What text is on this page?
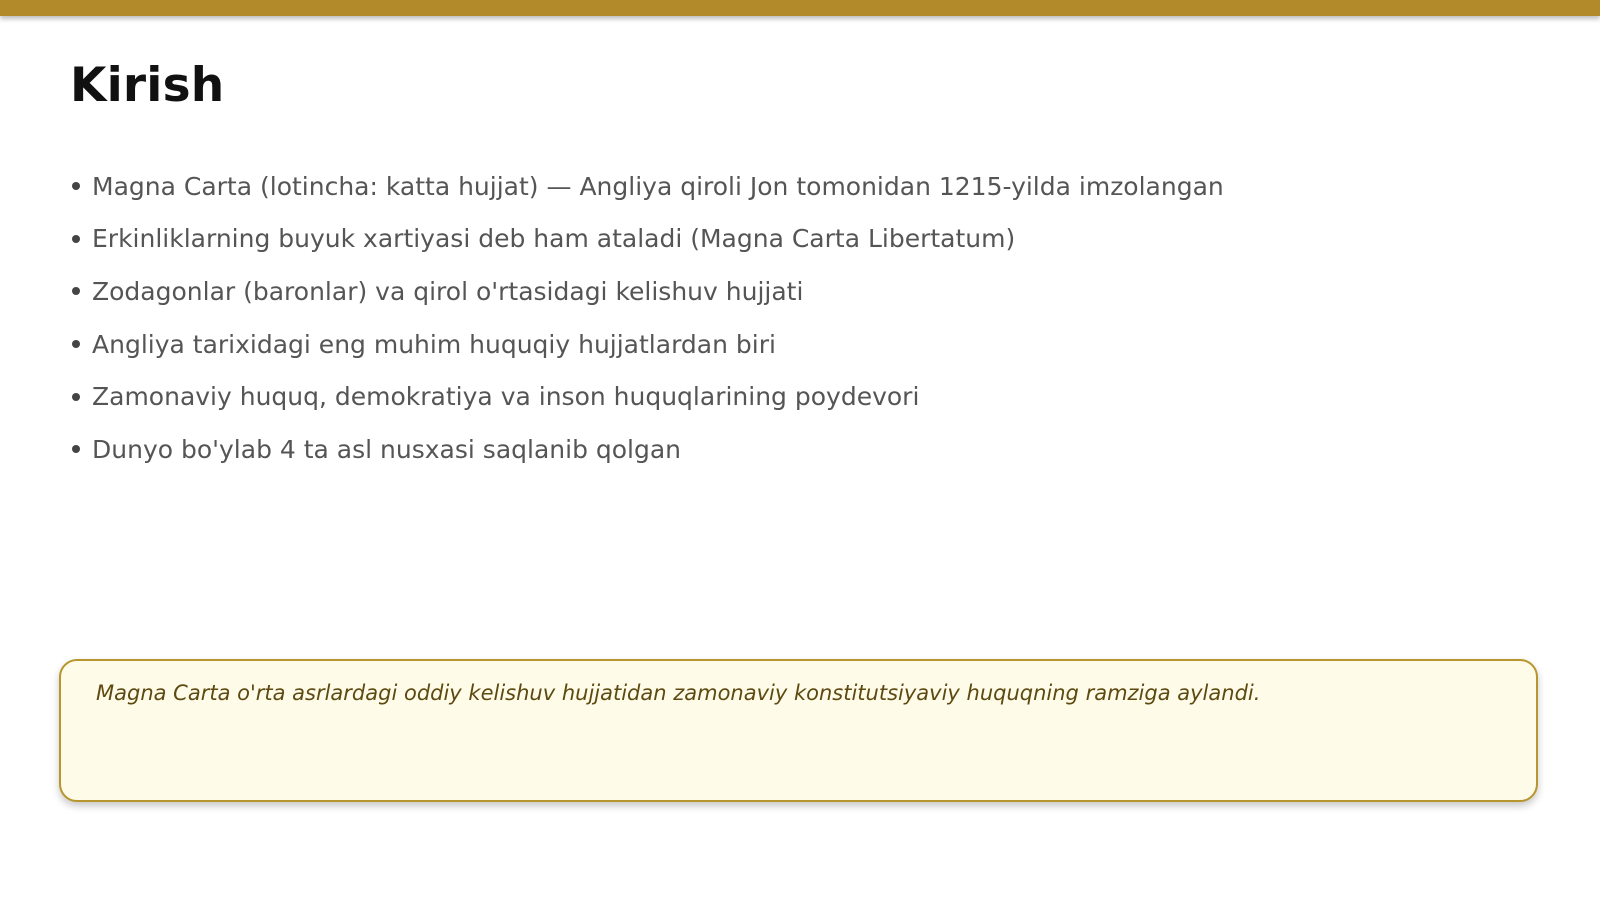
Kirish
Magna Carta (lotincha: katta hujjat) — Angliya qiroli Jon tomonidan 1215-yilda imzolangan
Erkinliklarning buyuk xartiyasi deb ham ataladi (Magna Carta Libertatum)
Zodagonlar (baronlar) va qirol o'rtasidagi kelishuv hujjati
Angliya tarixidagi eng muhim huquqiy hujjatlardan biri
Zamonaviy huquq, demokratiya va inson huquqlarining poydevori
Dunyo bo'ylab 4 ta asl nusxasi saqlanib qolgan

Magna Carta o'rta asrlardagi oddiy kelishuv hujjatidan zamonaviy konstitutsiyaviy huquqning ramziga aylandi.
